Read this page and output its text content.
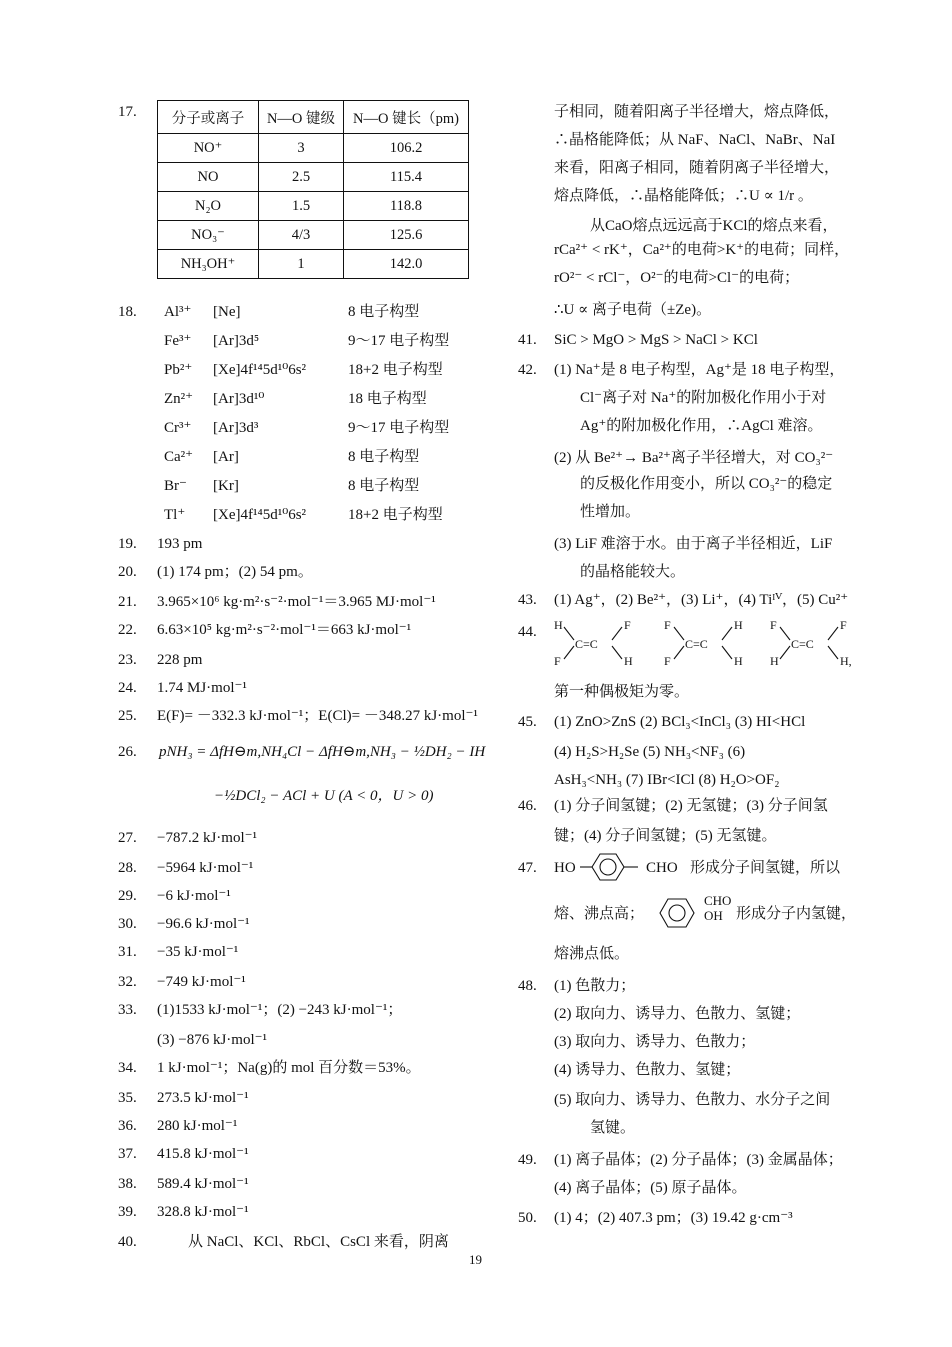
17. 分子或离子	N—O 键级	N—O 键长（pm)
NO⁺	3	106.2
NO	2.5	115.4
N₂O	1.5	118.8
NO₃⁻	4/3	125.6
NH₃OH⁺	1	142.0
18. Al³⁺ [Ne]	8 电子构型
Fe³⁺ [Ar]3d⁵	9～17 电子构型
Pb²⁺ [Xe]4f¹⁴5d¹⁰6s²	18+2 电子构型
Zn²⁺ [Ar]3d¹⁰	18 电子构型
Cr³⁺ [Ar]3d³	9～17 电子构型
Ca²⁺ [Ar]	8 电子构型
Br⁻ [Kr]	8 电子构型
Tl⁺ [Xe]4f¹⁴5d¹⁰6s²	18+2 电子构型
19. 193 pm
20. (1) 174 pm；(2) 54 pm。
21. 3.965×10⁶ kg·m²·s⁻²·mol⁻¹＝3.965 MJ·mol⁻¹
22. 6.63×10⁵ kg·m²·s⁻²·mol⁻¹＝663 kJ·mol⁻¹
23. 228 pm
24. 1.74 MJ·mol⁻¹
25. E(F)= －332.3 kJ·mol⁻¹；E(Cl)= －348.27 kJ·mol⁻¹
26. pNH₃ = ΔfH⊖m,NH₄Cl − ΔfH⊖m,NH₃ − ½DH₂ − IH
−½DCl₂ − ACl + U (A < 0，U > 0)
27. −787.2 kJ·mol⁻¹
28. −5964 kJ·mol⁻¹
29. −6 kJ·mol⁻¹
30. −96.6 kJ·mol⁻¹
31. −35 kJ·mol⁻¹
32. −749 kJ·mol⁻¹
33. (1)1533 kJ·mol⁻¹；(2) −243 kJ·mol⁻¹；
(3) −876 kJ·mol⁻¹
34. 1 kJ·mol⁻¹；Na(g)的 mol 百分数＝53%。
35. 273.5 kJ·mol⁻¹
36. 280 kJ·mol⁻¹
37. 415.8 kJ·mol⁻¹
38. 589.4 kJ·mol⁻¹
39. 328.8 kJ·mol⁻¹
40.	从 NaCl、KCl、RbCl、CsCl 来看，阴离
子相同，随着阳离子半径增大，熔点降低，
∴晶格能降低；从 NaF、NaCl、NaBr、NaI
来看，阳离子相同，随着阴离子半径增大，
熔点降低，∴晶格能降低；∴U ∝ 1/r 。
从CaO熔点远远高于KCl的熔点来看，
rCa²⁺ < rK⁺，Ca²⁺的电荷>K⁺的电荷；同样，
rO²⁻ < rCl⁻，O²⁻的电荷>Cl⁻的电荷；
∴U ∝ 离子电荷（±Ze)。
41. SiC > MgO > MgS > NaCl > KCl
42. (1) Na⁺是 8 电子构型，Ag⁺是 18 电子构型，
Cl⁻离子对 Na⁺的附加极化作用小于对
Ag⁺的附加极化作用，∴AgCl 难溶。
(2) 从 Be²⁺→ Ba²⁺离子半径增大，对 CO₃²⁻
的反极化作用变小，所以 CO₃²⁻的稳定
性增加。
(3) LiF 难溶于水。由于离子半径相近，LiF
的晶格能较大。
43. (1) Ag⁺，(2) Be²⁺，(3) Li⁺，(4) Tiᴵⱽ，(5) Cu²⁺
44. H
F
C=C
F
H
F
F
C=C
H
H
F
H
C=C
F
H,
第一种偶极矩为零。
45. (1) ZnO>ZnS (2) BCl₃<InCl₃ (3) HI<HCl
(4) H₂S>H₂Se (5) NH₃<NF₃ (6)
AsH₃<NH₃ (7) IBr<ICl (8) H₂O>OF₂
46. (1) 分子间氢键；(2) 无氢键；(3) 分子间氢
键；(4) 分子间氢键；(5) 无氢键。
47. HO	CHO 形成分子间氢键，所以
熔、沸点高；
CHO
OH 形成分子内氢键，
熔沸点低。
48. (1) 色散力；
(2) 取向力、诱导力、色散力、氢键；
(3) 取向力、诱导力、色散力；
(4) 诱导力、色散力、氢键；
(5) 取向力、诱导力、色散力、水分子之间
氢键。
49. (1) 离子晶体；(2) 分子晶体；(3) 金属晶体；
(4) 离子晶体；(5) 原子晶体。
50. (1) 4；(2) 407.3 pm；(3) 19.42 g·cm⁻³
19
